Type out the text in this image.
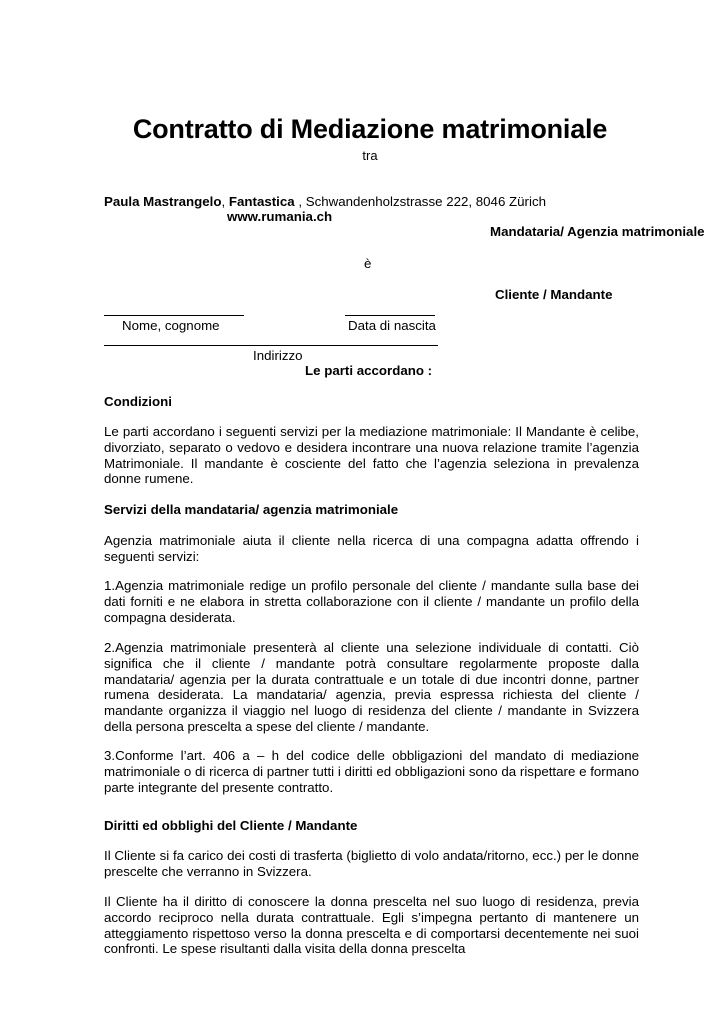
Contratto di Mediazione matrimoniale
tra
Paula Mastrangelo, Fantastica , Schwandenholzstrasse 222, 8046 Zürich
www.rumania.ch
Mandataria/ Agenzia matrimoniale
è
Cliente / Mandante
Nome, cognome	Data di nascita
Indirizzo
Le parti accordano :
Condizioni
Le parti accordano i seguenti servizi per la mediazione matrimoniale: Il Mandante è celibe, divorziato, separato o vedovo e desidera incontrare una nuova relazione tramite l’agenzia Matrimoniale. Il mandante è cosciente del fatto che l’agenzia seleziona in prevalenza donne rumene.
Servizi della mandataria/ agenzia matrimoniale
Agenzia matrimoniale aiuta il cliente nella ricerca di una compagna adatta offrendo i seguenti servizi:
1.Agenzia matrimoniale redige un profilo personale del cliente / mandante sulla base dei dati forniti e ne elabora in stretta collaborazione con il cliente / mandante un profilo della compagna desiderata.
2.Agenzia matrimoniale presenterà al cliente una selezione individuale di contatti. Ciò significa che il cliente / mandante potrà consultare regolarmente proposte dalla mandataria/ agenzia per la durata contrattuale e un totale di due incontri donne, partner rumena desiderata. La mandataria/ agenzia, previa espressa richiesta del cliente / mandante organizza il viaggio nel luogo di residenza del cliente / mandante in Svizzera della persona prescelta a spese del cliente / mandante.
3.Conforme l’art. 406 a – h del codice delle obbligazioni del mandato di mediazione matrimoniale o di ricerca di partner tutti i diritti ed obbligazioni sono da rispettare e formano parte integrante del presente contratto.
Diritti ed obblighi del Cliente / Mandante
Il Cliente si fa carico dei costi di trasferta (biglietto di volo andata/ritorno, ecc.) per le donne prescelte che verranno in Svizzera.
Il Cliente ha il diritto di conoscere la donna prescelta nel suo luogo di residenza, previa accordo reciproco nella durata contrattuale. Egli s’impegna pertanto di mantenere un atteggiamento rispettoso verso la donna prescelta e di comportarsi decentemente nei suoi confronti. Le spese risultanti dalla visita della donna prescelta
